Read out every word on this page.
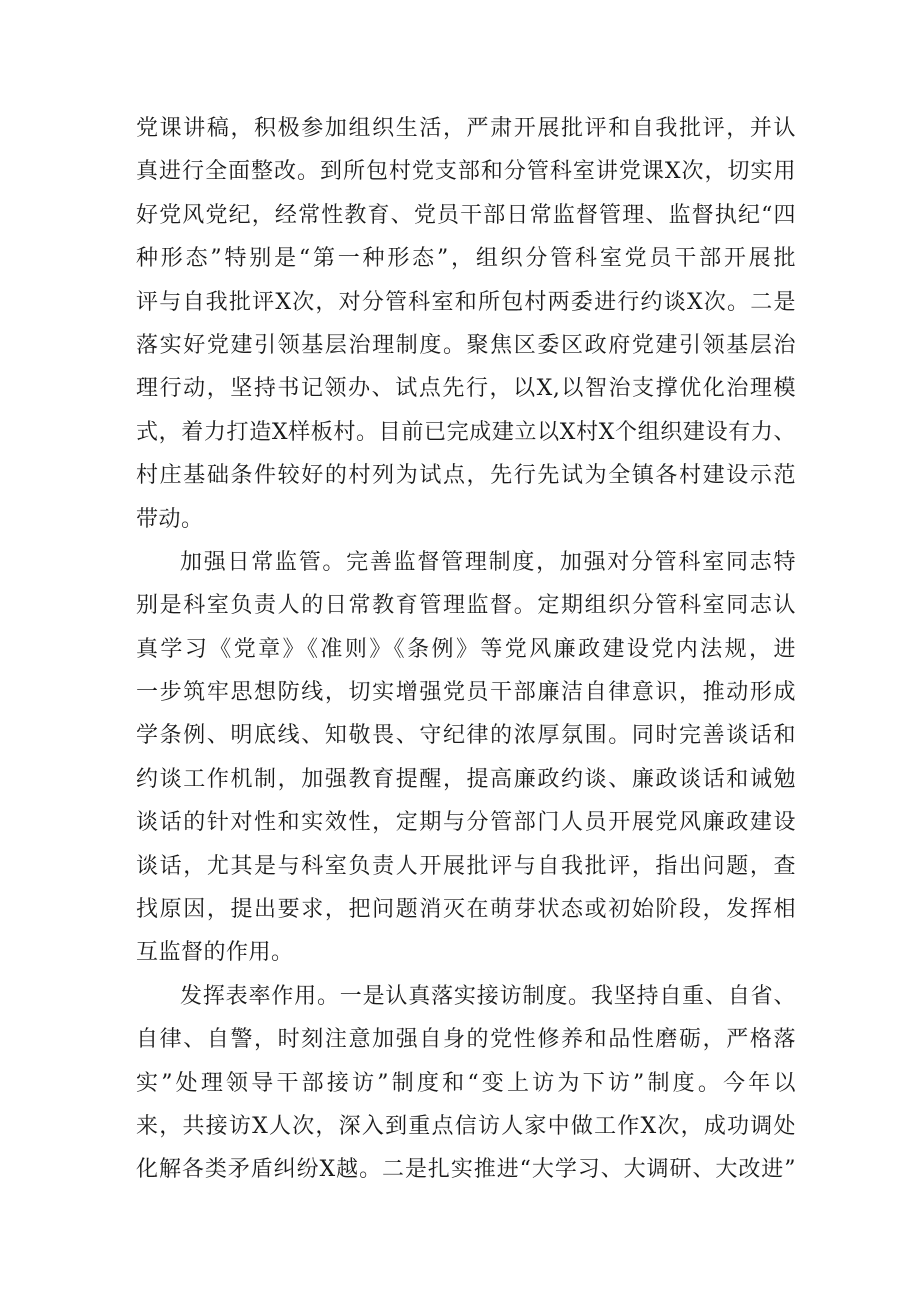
党课讲稿，积极参加组织生活，严肃开展批评和自我批评，并认
真进行全面整改。到所包村党支部和分管科室讲党课X次，切实用
好党风党纪，经常性教育、党员干部日常监督管理、监督执纪“四
种形态”特别是“第一种形态”，组织分管科室党员干部开展批
评与自我批评X次，对分管科室和所包村两委进行约谈X次。二是
落实好党建引领基层治理制度。聚焦区委区政府党建引领基层治
理行动，坚持书记领办、试点先行，以X,以智治支撑优化治理模
式，着力打造X样板村。目前已完成建立以X村X个组织建设有力、
村庄基础条件较好的村列为试点，先行先试为全镇各村建设示范
带动。
加强日常监管。完善监督管理制度，加强对分管科室同志特
别是科室负责人的日常教育管理监督。定期组织分管科室同志认
真学习《党章》《准则》《条例》等党风廉政建设党内法规，进
一步筑牢思想防线，切实增强党员干部廉洁自律意识，推动形成
学条例、明底线、知敬畏、守纪律的浓厚氛围。同时完善谈话和
约谈工作机制，加强教育提醒，提高廉政约谈、廉政谈话和诫勉
谈话的针对性和实效性，定期与分管部门人员开展党风廉政建设
谈话，尤其是与科室负责人开展批评与自我批评，指出问题，查
找原因，提出要求，把问题消灭在萌芽状态或初始阶段，发挥相
互监督的作用。
发挥表率作用。一是认真落实接访制度。我坚持自重、自省、
自律、自警，时刻注意加强自身的党性修养和品性磨砺，严格落
实”处理领导干部接访”制度和“变上访为下访”制度。今年以
来，共接访X人次，深入到重点信访人家中做工作X次，成功调处
化解各类矛盾纠纷X越。二是扎实推进“大学习、大调研、大改进”
